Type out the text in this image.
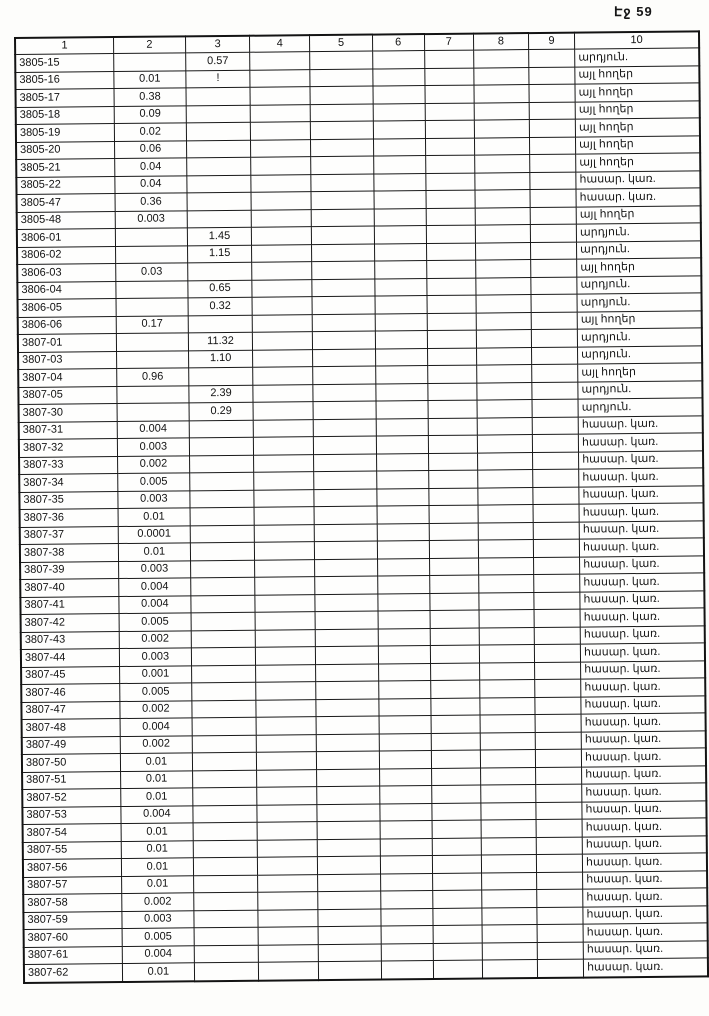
Էջ 59
1	2	3	4	5	6	7	8	9	10
3805-15		0.57							արդյուն.
3805-16	0.01	!							այլ հողեր
3805-17	0.38								այլ հողեր
3805-18	0.09								այլ հողեր
3805-19	0.02								այլ հողեր
3805-20	0.06								այլ հողեր
3805-21	0.04								այլ հողեր
3805-22	0.04								հասար. կառ.
3805-47	0.36								հասար. կառ.
3805-48	0.003								այլ հողեր
3806-01		1.45							արդյուն.
3806-02		1.15							արդյուն.
3806-03	0.03								այլ հողեր
3806-04		0.65							արդյուն.
3806-05		0.32							արդյուն.
3806-06	0.17								այլ հողեր
3807-01		11.32							արդյուն.
3807-03		1.10							արդյուն.
3807-04	0.96								այլ հողեր
3807-05		2.39							արդյուն.
3807-30		0.29							արդյուն.
3807-31	0.004								հասար. կառ.
3807-32	0.003								հասար. կառ.
3807-33	0.002								հասար. կառ.
3807-34	0.005								հասար. կառ.
3807-35	0.003								հասար. կառ.
3807-36	0.01								հասար. կառ.
3807-37	0.0001								հասար. կառ.
3807-38	0.01								հասար. կառ.
3807-39	0.003								հասար. կառ.
3807-40	0.004								հասար. կառ.
3807-41	0.004								հասար. կառ.
3807-42	0.005								հասար. կառ.
3807-43	0.002								հասար. կառ.
3807-44	0.003								հասար. կառ.
3807-45	0.001								հասար. կառ.
3807-46	0.005								հասար. կառ.
3807-47	0.002								հասար. կառ.
3807-48	0.004								հասար. կառ.
3807-49	0.002								հասար. կառ.
3807-50	0.01								հասար. կառ.
3807-51	0.01								հասար. կառ.
3807-52	0.01								հասար. կառ.
3807-53	0.004								հասար. կառ.
3807-54	0.01								հասար. կառ.
3807-55	0.01								հասար. կառ.
3807-56	0.01								հասար. կառ.
3807-57	0.01								հասար. կառ.
3807-58	0.002								հասար. կառ.
3807-59	0.003								հասար. կառ.
3807-60	0.005								հասար. կառ.
3807-61	0.004								հասար. կառ.
3807-62	0.01								հասար. կառ.
